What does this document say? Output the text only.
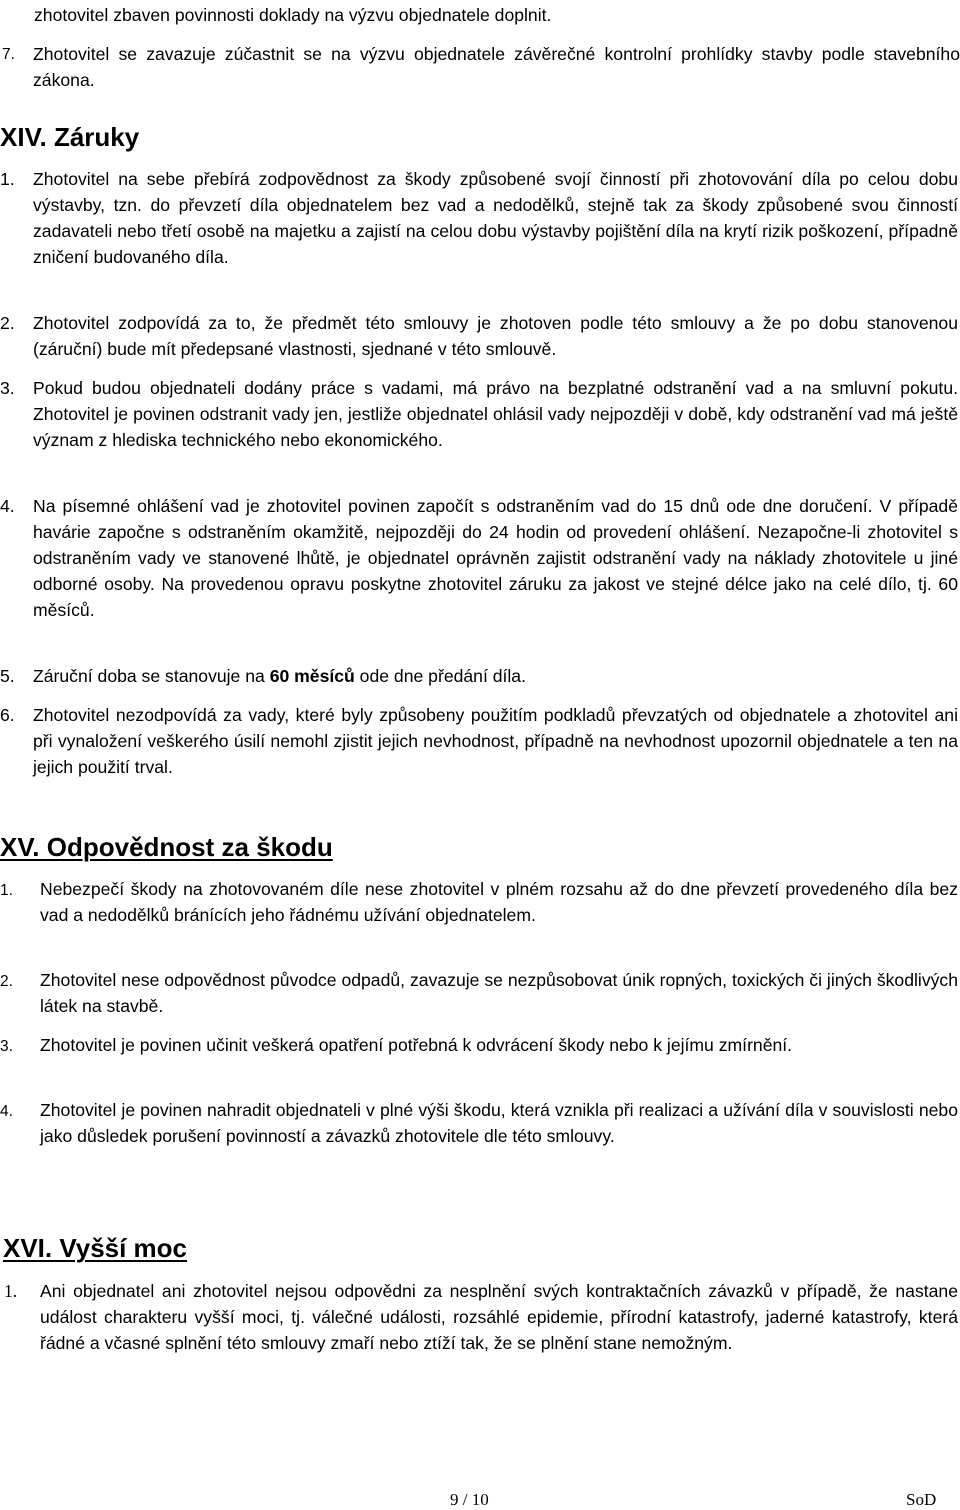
zhotovitel zbaven povinnosti doklady na výzvu objednatele doplnit.
7. Zhotovitel se zavazuje zúčastnit se na výzvu objednatele závěrečné kontrolní prohlídky stavby podle stavebního zákona.
XIV. Záruky
1. Zhotovitel na sebe přebírá zodpovědnost za škody způsobené svojí činností při zhotovování díla po celou dobu výstavby, tzn. do převzetí díla objednatelem bez vad a nedodělků, stejně tak za škody způsobené svou činností zadavateli nebo třetí osobě na majetku a zajistí na celou dobu výstavby pojištění díla na krytí rizik poškození, případně zničení budovaného díla.
2. Zhotovitel zodpovídá za to, že předmět této smlouvy je zhotoven podle této smlouvy a že po dobu stanovenou (záruční) bude mít předepsané vlastnosti, sjednané v této smlouvě.
3. Pokud budou objednateli dodány práce s vadami, má právo na bezplatné odstranění vad a na smluvní pokutu. Zhotovitel je povinen odstranit vady jen, jestliže objednatel ohlásil vady nejpozději v době, kdy odstranění vad má ještě význam z hlediska technického nebo ekonomického.
4. Na písemné ohlášení vad je zhotovitel povinen započít s odstraněním vad do 15 dnů ode dne doručení. V případě havárie započne s odstraněním okamžitě, nejpozději do 24 hodin od provedení ohlášení. Nezapočne-li zhotovitel s odstraněním vady ve stanovené lhůtě, je objednatel oprávněn zajistit odstranění vady na náklady zhotovitele u jiné odborné osoby. Na provedenou opravu poskytne zhotovitel záruku za jakost ve stejné délce jako na celé dílo, tj. 60 měsíců.
5. Záruční doba se stanovuje na 60 měsíců ode dne předání díla.
6. Zhotovitel nezodpovídá za vady, které byly způsobeny použitím podkladů převzatých od objednatele a zhotovitel ani při vynaložení veškerého úsilí nemohl zjistit jejich nevhodnost, případně na nevhodnost upozornil objednatele a ten na jejich použití trval.
XV. Odpovědnost za škodu
1. Nebezpečí škody na zhotovovaném díle nese zhotovitel v plném rozsahu až do dne převzetí provedeného díla bez vad a nedodělků bránících jeho řádnému užívání objednatelem.
2. Zhotovitel nese odpovědnost původce odpadů, zavazuje se nezpůsobovat únik ropných, toxických či jiných škodlivých látek na stavbě.
3. Zhotovitel je povinen učinit veškerá opatření potřebná k odvrácení škody nebo k jejímu zmírnění.
4. Zhotovitel je povinen nahradit objednateli v plné výši škodu, která vznikla při realizaci a užívání díla v souvislosti nebo jako důsledek porušení povinností a závazků zhotovitele dle této smlouvy.
XVI. Vyšší moc
1. Ani objednatel ani zhotovitel nejsou odpovědni za nesplnění svých kontraktačních závazků v případě, že nastane událost charakteru vyšší moci, tj. válečné události, rozsáhlé epidemie, přírodní katastrofy, jaderné katastrofy, která řádné a včasné splnění této smlouvy zmaří nebo ztíží tak, že se plnění stane nemožným.
9 / 10	SoD
